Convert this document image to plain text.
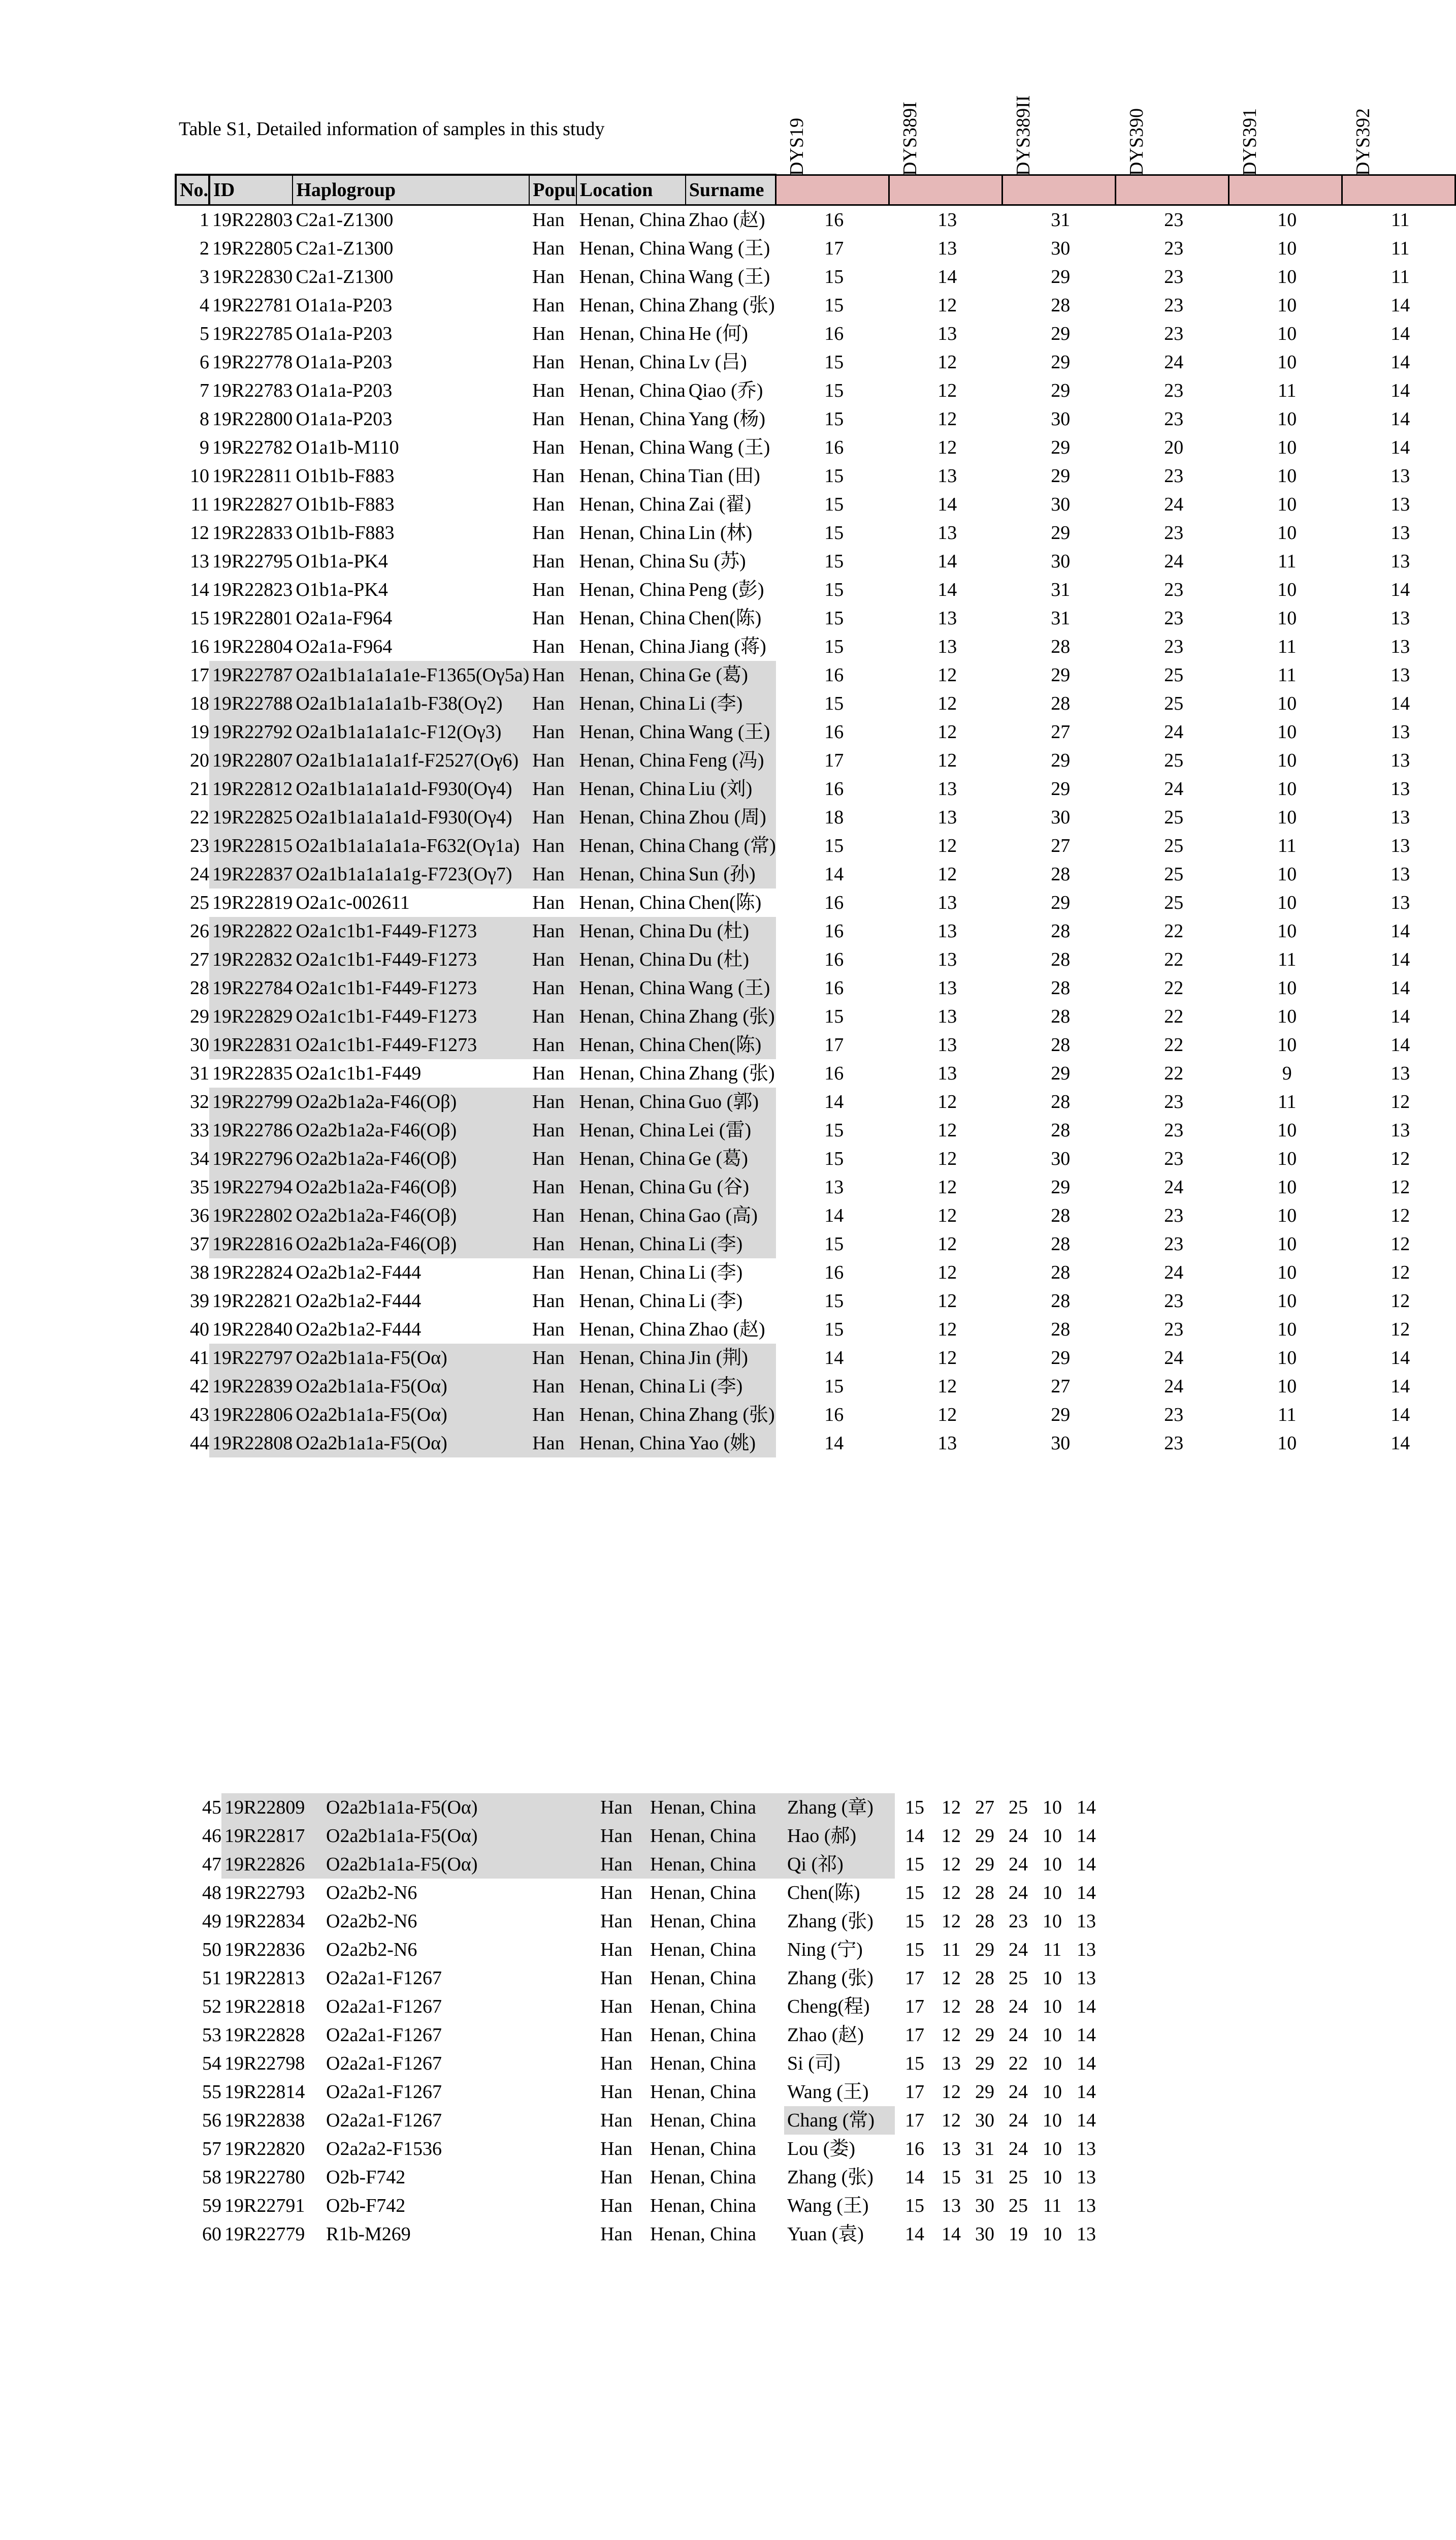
Table S1, Detailed information of samples in this study
No.	ID	Haplogroup	Popu	Location	Surname	DYS19	DYS389I	DYS389II	DYS390	DYS391	DYS392

1	19R22803	C2a1-Z1300	Han	Henan, China	Zhao (赵)	16	13	31	23	10	11
2	19R22805	C2a1-Z1300	Han	Henan, China	Wang (王)	17	13	30	23	10	11
3	19R22830	C2a1-Z1300	Han	Henan, China	Wang (王)	15	14	29	23	10	11
4	19R22781	O1a1a-P203	Han	Henan, China	Zhang (张)	15	12	28	23	10	14
5	19R22785	O1a1a-P203	Han	Henan, China	He (何)	16	13	29	23	10	14
6	19R22778	O1a1a-P203	Han	Henan, China	Lv (吕)	15	12	29	24	10	14
7	19R22783	O1a1a-P203	Han	Henan, China	Qiao (乔)	15	12	29	23	11	14
8	19R22800	O1a1a-P203	Han	Henan, China	Yang (杨)	15	12	30	23	10	14
9	19R22782	O1a1b-M110	Han	Henan, China	Wang (王)	16	12	29	20	10	14
10	19R22811	O1b1b-F883	Han	Henan, China	Tian (田)	15	13	29	23	10	13
11	19R22827	O1b1b-F883	Han	Henan, China	Zai (翟)	15	14	30	24	10	13
12	19R22833	O1b1b-F883	Han	Henan, China	Lin (林)	15	13	29	23	10	13
13	19R22795	O1b1a-PK4	Han	Henan, China	Su (苏)	15	14	30	24	11	13
14	19R22823	O1b1a-PK4	Han	Henan, China	Peng (彭)	15	14	31	23	10	14
15	19R22801	O2a1a-F964	Han	Henan, China	Chen(陈)	15	13	31	23	10	13
16	19R22804	O2a1a-F964	Han	Henan, China	Jiang (蒋)	15	13	28	23	11	13
17	19R22787	O2a1b1a1a1a1e-F1365(Oγ5a)	Han	Henan, China	Ge (葛)	16	12	29	25	11	13
18	19R22788	O2a1b1a1a1a1b-F38(Oγ2)	Han	Henan, China	Li (李)	15	12	28	25	10	14
19	19R22792	O2a1b1a1a1a1c-F12(Oγ3)	Han	Henan, China	Wang (王)	16	12	27	24	10	13
20	19R22807	O2a1b1a1a1a1f-F2527(Oγ6)	Han	Henan, China	Feng (冯)	17	12	29	25	10	13
21	19R22812	O2a1b1a1a1a1d-F930(Oγ4)	Han	Henan, China	Liu (刘)	16	13	29	24	10	13
22	19R22825	O2a1b1a1a1a1d-F930(Oγ4)	Han	Henan, China	Zhou (周)	18	13	30	25	10	13
23	19R22815	O2a1b1a1a1a1a-F632(Oγ1a)	Han	Henan, China	Chang (常)	15	12	27	25	11	13
24	19R22837	O2a1b1a1a1a1g-F723(Oγ7)	Han	Henan, China	Sun (孙)	14	12	28	25	10	13
25	19R22819	O2a1c-002611	Han	Henan, China	Chen(陈)	16	13	29	25	10	13
26	19R22822	O2a1c1b1-F449-F1273	Han	Henan, China	Du (杜)	16	13	28	22	10	14
27	19R22832	O2a1c1b1-F449-F1273	Han	Henan, China	Du (杜)	16	13	28	22	11	14
28	19R22784	O2a1c1b1-F449-F1273	Han	Henan, China	Wang (王)	16	13	28	22	10	14
29	19R22829	O2a1c1b1-F449-F1273	Han	Henan, China	Zhang (张)	15	13	28	22	10	14
30	19R22831	O2a1c1b1-F449-F1273	Han	Henan, China	Chen(陈)	17	13	28	22	10	14
31	19R22835	O2a1c1b1-F449	Han	Henan, China	Zhang (张)	16	13	29	22	9	13
32	19R22799	O2a2b1a2a-F46(Oβ)	Han	Henan, China	Guo (郭)	14	12	28	23	11	12
33	19R22786	O2a2b1a2a-F46(Oβ)	Han	Henan, China	Lei (雷)	15	12	28	23	10	13
34	19R22796	O2a2b1a2a-F46(Oβ)	Han	Henan, China	Ge (葛)	15	12	30	23	10	12
35	19R22794	O2a2b1a2a-F46(Oβ)	Han	Henan, China	Gu (谷)	13	12	29	24	10	12
36	19R22802	O2a2b1a2a-F46(Oβ)	Han	Henan, China	Gao (高)	14	12	28	23	10	12
37	19R22816	O2a2b1a2a-F46(Oβ)	Han	Henan, China	Li (李)	15	12	28	23	10	12
38	19R22824	O2a2b1a2-F444	Han	Henan, China	Li (李)	16	12	28	24	10	12
39	19R22821	O2a2b1a2-F444	Han	Henan, China	Li (李)	15	12	28	23	10	12
40	19R22840	O2a2b1a2-F444	Han	Henan, China	Zhao (赵)	15	12	28	23	10	12
41	19R22797	O2a2b1a1a-F5(Oα)	Han	Henan, China	Jin (荆)	14	12	29	24	10	14
42	19R22839	O2a2b1a1a-F5(Oα)	Han	Henan, China	Li (李)	15	12	27	24	10	14
43	19R22806	O2a2b1a1a-F5(Oα)	Han	Henan, China	Zhang (张)	16	12	29	23	11	14
44	19R22808	O2a2b1a1a-F5(Oα)	Han	Henan, China	Yao (姚)	14	13	30	23	10	14
45	19R22809	O2a2b1a1a-F5(Oα)	Han	Henan, China	Zhang (章)	15	12	27	25	10	14
46	19R22817	O2a2b1a1a-F5(Oα)	Han	Henan, China	Hao (郝)	14	12	29	24	10	14
47	19R22826	O2a2b1a1a-F5(Oα)	Han	Henan, China	Qi (祁)	15	12	29	24	10	14
48	19R22793	O2a2b2-N6	Han	Henan, China	Chen(陈)	15	12	28	24	10	14
49	19R22834	O2a2b2-N6	Han	Henan, China	Zhang (张)	15	12	28	23	10	13
50	19R22836	O2a2b2-N6	Han	Henan, China	Ning (宁)	15	11	29	24	11	13
51	19R22813	O2a2a1-F1267	Han	Henan, China	Zhang (张)	17	12	28	25	10	13
52	19R22818	O2a2a1-F1267	Han	Henan, China	Cheng(程)	17	12	28	24	10	14
53	19R22828	O2a2a1-F1267	Han	Henan, China	Zhao (赵)	17	12	29	24	10	14
54	19R22798	O2a2a1-F1267	Han	Henan, China	Si (司)	15	13	29	22	10	14
55	19R22814	O2a2a1-F1267	Han	Henan, China	Wang (王)	17	12	29	24	10	14
56	19R22838	O2a2a1-F1267	Han	Henan, China	Chang (常)	17	12	30	24	10	14
57	19R22820	O2a2a2-F1536	Han	Henan, China	Lou (娄)	16	13	31	24	10	13
58	19R22780	O2b-F742	Han	Henan, China	Zhang (张)	14	15	31	25	10	13
59	19R22791	O2b-F742	Han	Henan, China	Wang (王)	15	13	30	25	11	13
60	19R22779	R1b-M269	Han	Henan, China	Yuan (袁)	14	14	30	19	10	13
